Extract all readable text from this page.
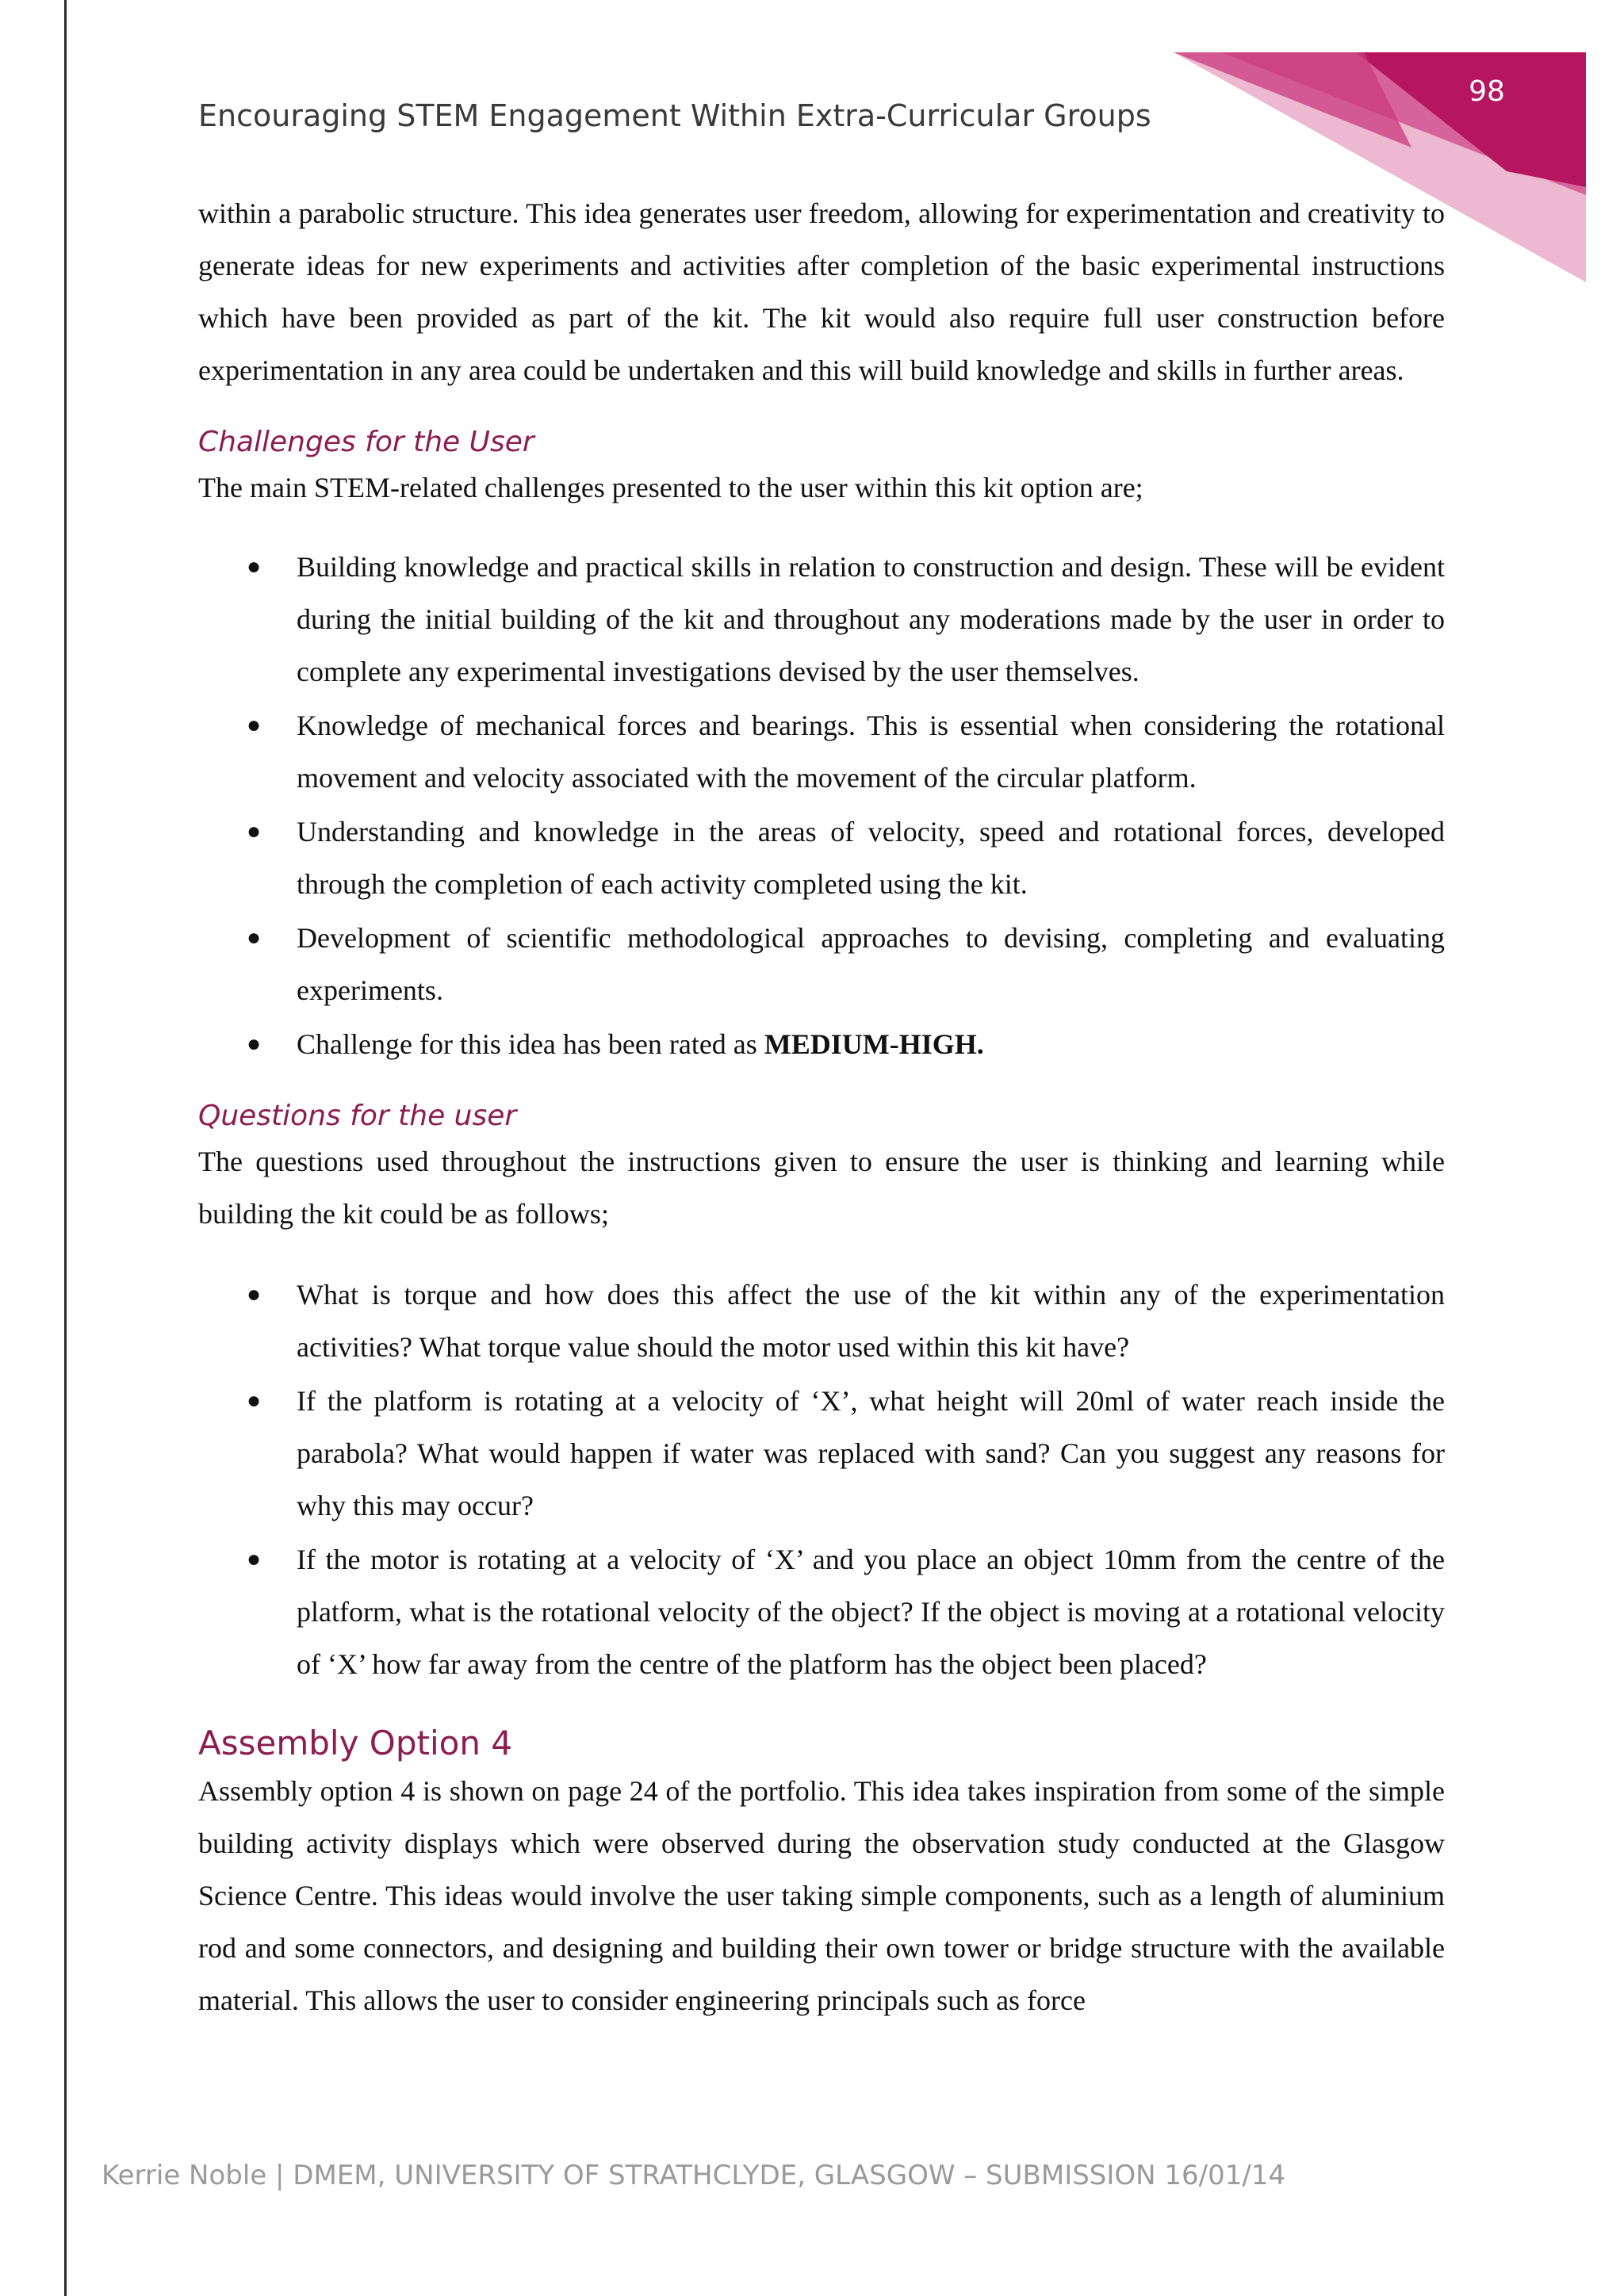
98
Encouraging STEM Engagement Within Extra-Curricular Groups

within a parabolic structure. This idea generates user freedom, allowing for experimentation and creativity to generate ideas for new experiments and activities after completion of the basic experimental instructions which have been provided as part of the kit. The kit would also require full user construction before experimentation in any area could be undertaken and this will build knowledge and skills in further areas.

Challenges for the User

The main STEM-related challenges presented to the user within this kit option are;

● Building knowledge and practical skills in relation to construction and design. These will be evident during the initial building of the kit and throughout any moderations made by the user in order to complete any experimental investigations devised by the user themselves.
● Knowledge of mechanical forces and bearings. This is essential when considering the rotational movement and velocity associated with the movement of the circular platform.
● Understanding and knowledge in the areas of velocity, speed and rotational forces, developed through the completion of each activity completed using the kit.
● Development of scientific methodological approaches to devising, completing and evaluating experiments.
● Challenge for this idea has been rated as MEDIUM-HIGH.
Questions for the user

The questions used throughout the instructions given to ensure the user is thinking and learning while building the kit could be as follows;

● What is torque and how does this affect the use of the kit within any of the experimentation activities? What torque value should the motor used within this kit have?
● If the platform is rotating at a velocity of ‘X’, what height will 20ml of water reach inside the parabola? What would happen if water was replaced with sand? Can you suggest any reasons for why this may occur?
● If the motor is rotating at a velocity of ‘X’ and you place an object 10mm from the centre of the platform, what is the rotational velocity of the object? If the object is moving at a rotational velocity of ‘X’ how far away from the centre of the platform has the object been placed?
Assembly Option 4

Assembly option 4 is shown on page 24 of the portfolio. This idea takes inspiration from some of the simple building activity displays which were observed during the observation study conducted at the Glasgow Science Centre. This ideas would involve the user taking simple components, such as a length of aluminium rod and some connectors, and designing and building their own tower or bridge structure with the available material. This allows the user to consider engineering principals such as force

Kerrie Noble | DMEM, UNIVERSITY OF STRATHCLYDE, GLASGOW – SUBMISSION 16/01/14
